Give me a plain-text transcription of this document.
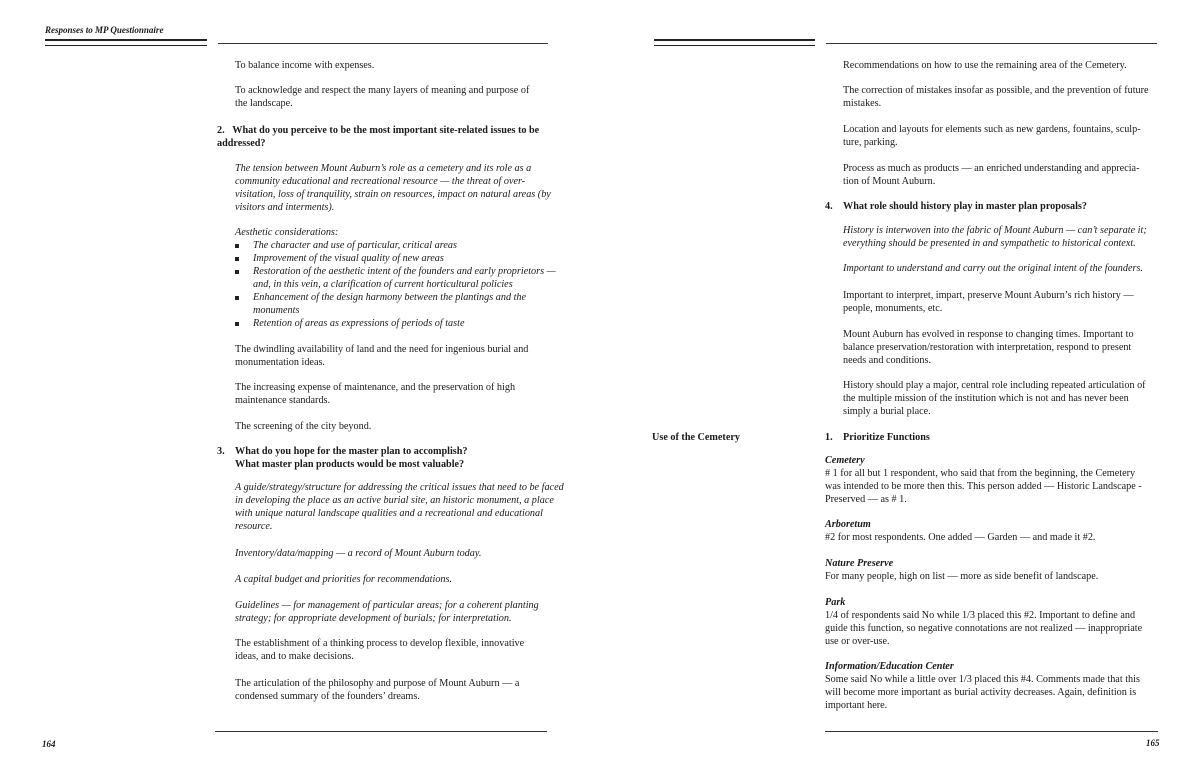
Responses to MP Questionnaire
To balance income with expenses.
To acknowledge and respect the many layers of meaning and purpose of
the landscape.
2. What do you perceive to be the most important site-related issues to be
addressed?
The tension between Mount Auburn’s role as a cemetery and its role as a
community educational and recreational resource — the threat of over-
visitation, loss of tranquility, strain on resources, impact on natural areas (by
visitors and interments).
Aesthetic considerations:
The character and use of particular, critical areas
Improvement of the visual quality of new areas
Restoration of the aesthetic intent of the founders and early proprietors —
and, in this vein, a clarification of current horticultural policies
Enhancement of the design harmony between the plantings and the
monuments
Retention of areas as expressions of periods of taste
The dwindling availability of land and the need for ingenious burial and
monumentation ideas.
The increasing expense of maintenance, and the preservation of high
maintenance standards.
The screening of the city beyond.
3. What do you hope for the master plan to accomplish?
What master plan products would be most valuable?
A guide/strategy/structure for addressing the critical issues that need to be faced
in developing the place as an active burial site, an historic monument, a place
with unique natural landscape qualities and a recreational and educational
resource.
Inventory/data/mapping — a record of Mount Auburn today.
A capital budget and priorities for recommendations.
Guidelines — for management of particular areas; for a coherent planting
strategy; for appropriate development of burials; for interpretation.
The establishment of a thinking process to develop flexible, innovative
ideas, and to make decisions.
The articulation of the philosophy and purpose of Mount Auburn — a
condensed summary of the founders’ dreams.
164
Recommendations on how to use the remaining area of the Cemetery.
The correction of mistakes insofar as possible, and the prevention of future
mistakes.
Location and layouts for elements such as new gardens, fountains, sculp-
ture, parking.
Process as much as products — an enriched understanding and apprecia-
tion of Mount Auburn.
4. What role should history play in master plan proposals?
History is interwoven into the fabric of Mount Auburn — can’t separate it;
everything should be presented in and sympathetic to historical context.
Important to understand and carry out the original intent of the founders.
Important to interpret, impart, preserve Mount Auburn’s rich history —
people, monuments, etc.
Mount Auburn has evolved in response to changing times. Important to
balance preservation/restoration with interpretation, respond to present
needs and conditions.
History should play a major, central role including repeated articulation of
the multiple mission of the institution which is not and has never been
simply a burial place.
Use of the Cemetery	1. Prioritize Functions
Cemetery
# 1 for all but 1 respondent, who said that from the beginning, the Cemetery
was intended to be more then this. This person added — Historic Landscape -
Preserved — as # 1.
Arboretum
#2 for most respondents. One added — Garden — and made it #2.
Nature Preserve
For many people, high on list — more as side benefit of landscape.
Park
1/4 of respondents said No while 1/3 placed this #2. Important to define and
guide this function, so negative connotations are not realized — inappropriate
use or over-use.
Information/Education Center
Some said No while a little over 1/3 placed this #4. Comments made that this
will become more important as burial activity decreases. Again, definition is
important here.
165
